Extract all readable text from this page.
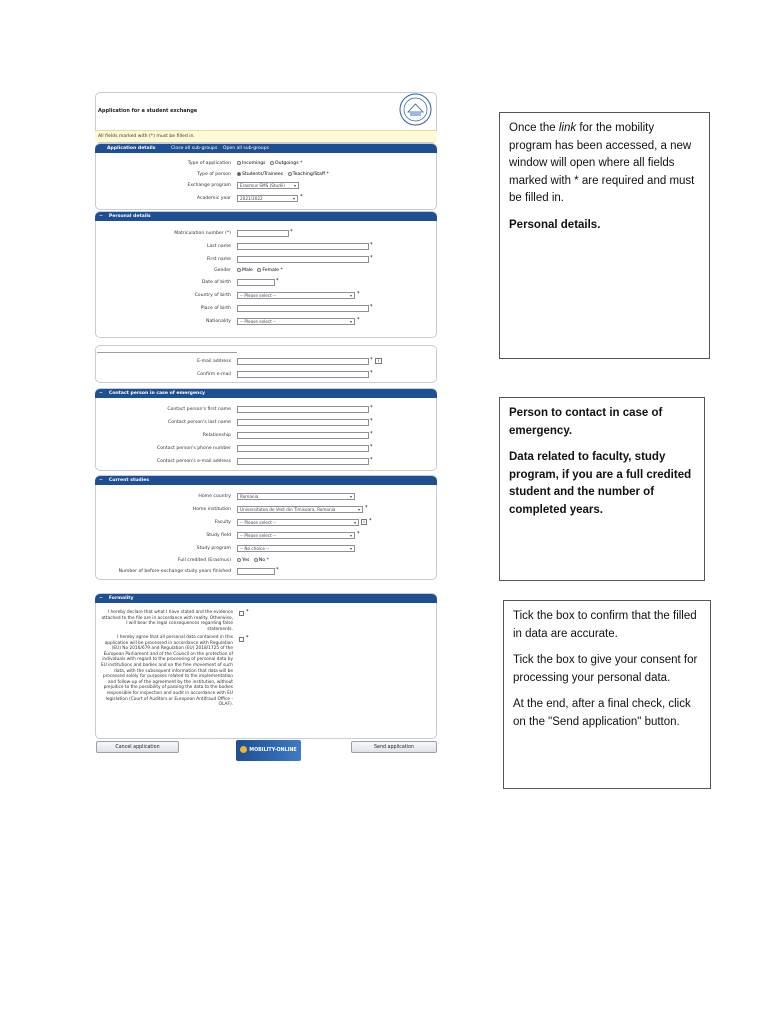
Application for a student exchange
All fields marked with (*) must be filled in.
Application details	Close all sub-groups Open all sub-groups
Type of application	Incomings Outgoings *
Type of person	Students/Trainees Teaching/Staff *
Exchange program	Erasmus SMS (Studii) ▾
Academic year	2021/2022	▾ *
− Personal details
Matriculation number (*)	*
Last name	*
First name	*
Gender	Male Female *
Date of birth	*
Country of birth	-- Please select --	▾ *
Place of birth	*
Nationality	-- Please select --	▾ *
E-mail address	*	i
Confirm e-mail	*
− Contact person in case of emergency
Contact person's first name	*
Contact person's last name	*
Relationship	*
Contact person's phone number	*
Contact person's e-mail address	*
− Current studies
Home country	Romania	▾
Home institution	Universitatea de Vest din Timisoara, Romania	▾ *
Faculty	-- Please select --	▾	i *
Study field	-- Please select --	▾ *
Study program	-- No choice --	▾
Full credited (Erasmus)	Yes No *
Number of before-exchange study years finished	*
− Formality
I hereby declare that what I have stated and the evidence attached to the file are in accordance with reality. Otherwise, I will bear the legal consequences regarding false statements.
*
I hereby agree that all personal data contained in this application will be processed in accordance with Regulation (EU) No 2016/679 and Regulation (EU) 2018/1725 of the European Parliament and of the Council on the protection of individuals with regard to the processing of personal data by EU institutions and bodies and on the free movement of such data, with the subsequent information that data will be processed solely for purposes related to the implementation and follow-up of the agreement by the institution, without prejudice to the possibility of passing the data to the bodies responsible for inspection and audit in accordance with EU legislation (Court of Auditors or European Antifraud Office - OLAF).
*
Cancel application
MOBILITY-ONLINE
Send application

Once the link for the mobility program has been accessed, a new window will open where all fields marked with * are required and must be filled in.

Personal details.

Person to contact in case of emergency.

Data related to faculty, study program, if you are a full credited student and the number of completed years.

Tick the box to confirm that the filled in data are accurate.

Tick the box to give your consent for processing your personal data.

At the end, after a final check, click on the "Send application" button.
